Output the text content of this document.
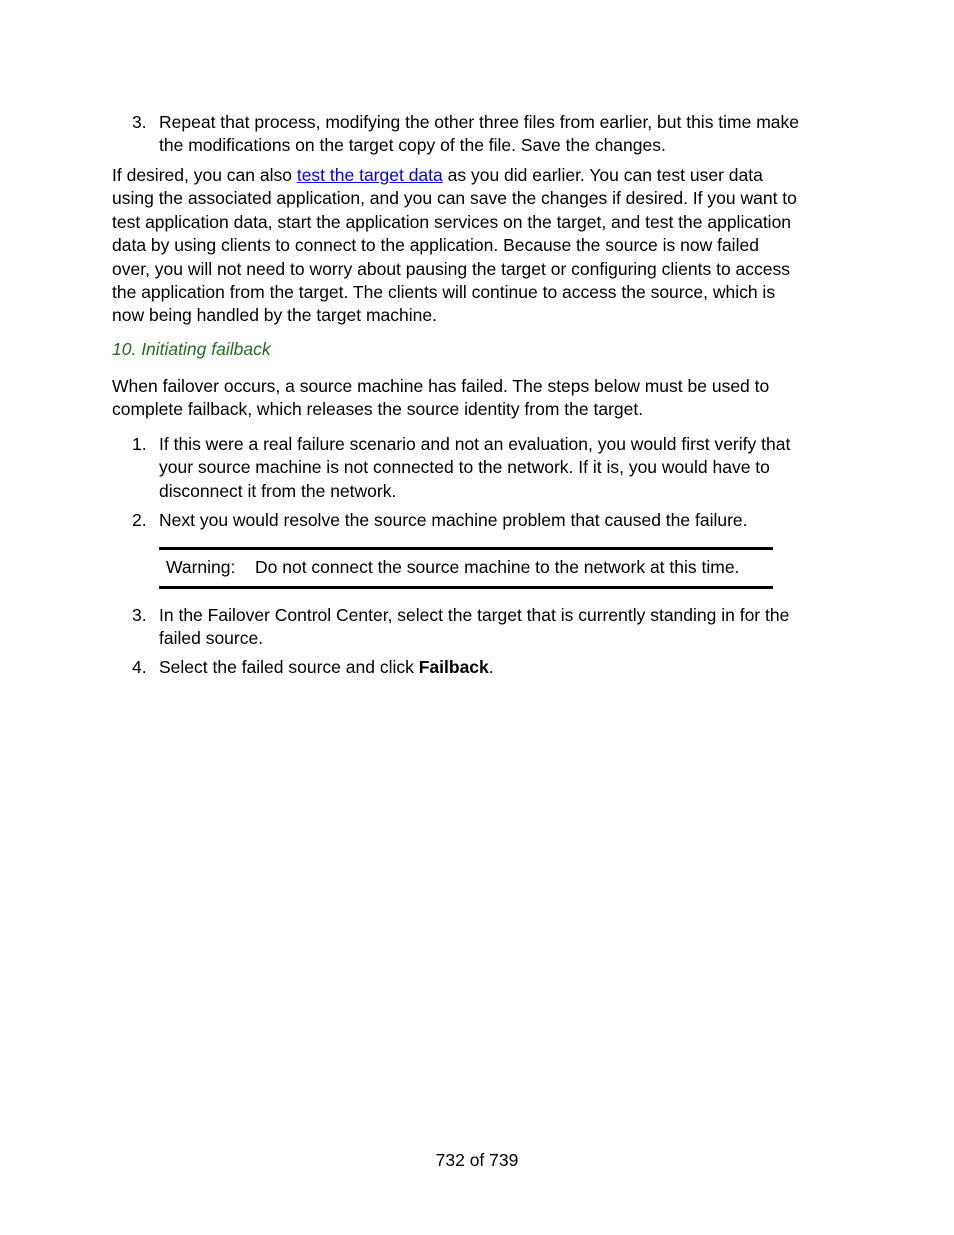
3. Repeat that process, modifying the other three files from earlier, but this time make
the modifications on the target copy of the file. Save the changes.
If desired, you can also test the target data as you did earlier. You can test user data
using the associated application, and you can save the changes if desired. If you want to
test application data, start the application services on the target, and test the application
data by using clients to connect to the application. Because the source is now failed
over, you will not need to worry about pausing the target or configuring clients to access
the application from the target. The clients will continue to access the source, which is
now being handled by the target machine.
10. Initiating failback
When failover occurs, a source machine has failed. The steps below must be used to
complete failback, which releases the source identity from the target.
1. If this were a real failure scenario and not an evaluation, you would first verify that
your source machine is not connected to the network. If it is, you would have to
disconnect it from the network.
2. Next you would resolve the source machine problem that caused the failure.
Warning: Do not connect the source machine to the network at this time.
3. In the Failover Control Center, select the target that is currently standing in for the
failed source.
4. Select the failed source and click Failback.
732 of 739
